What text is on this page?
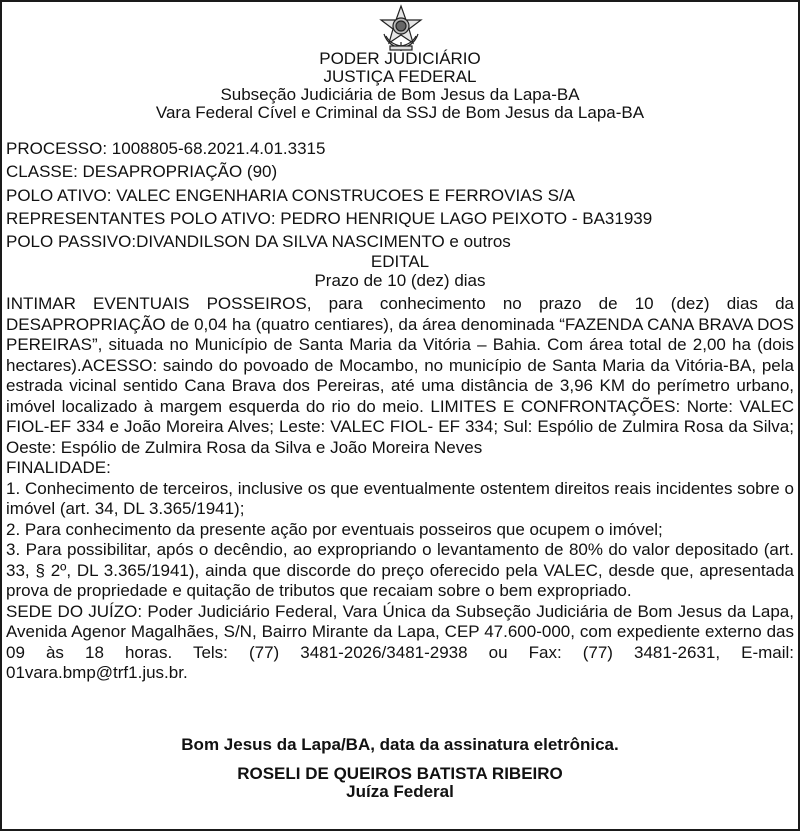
PODER JUDICIÁRIO
JUSTIÇA FEDERAL
Subseção Judiciária de Bom Jesus da Lapa-BA
Vara Federal Cível e Criminal da SSJ de Bom Jesus da Lapa-BA
PROCESSO: 1008805-68.2021.4.01.3315
CLASSE: DESAPROPRIAÇÃO (90)
POLO ATIVO: VALEC ENGENHARIA CONSTRUCOES E FERROVIAS S/A
REPRESENTANTES POLO ATIVO: PEDRO HENRIQUE LAGO PEIXOTO - BA31939
POLO PASSIVO:DIVANDILSON DA SILVA NASCIMENTO e outros
EDITAL
Prazo de 10 (dez) dias

INTIMAR EVENTUAIS POSSEIROS, para conhecimento no prazo de 10 (dez) dias da DESAPROPRIAÇÃO de 0,04 ha (quatro centiares), da área denominada “FAZENDA CANA BRAVA DOS PEREIRAS”, situada no Município de Santa Maria da Vitória – Bahia. Com área total de 2,00 ha (dois hectares).ACESSO: saindo do povoado de Mocambo, no município de Santa Maria da Vitória-BA, pela estrada vicinal sentido Cana Brava dos Pereiras, até uma distância de 3,96 KM do perímetro urbano, imóvel localizado à margem esquerda do rio do meio. LIMITES E CONFRONTAÇÕES: Norte: VALEC FIOL-EF 334 e João Moreira Alves; Leste: VALEC FIOL- EF 334; Sul: Espólio de Zulmira Rosa da Silva; Oeste: Espólio de Zulmira Rosa da Silva e João Moreira Neves

FINALIDADE:

1. Conhecimento de terceiros, inclusive os que eventualmente ostentem direitos reais incidentes sobre o imóvel (art. 34, DL 3.365/1941);

2. Para conhecimento da presente ação por eventuais posseiros que ocupem o imóvel;

3. Para possibilitar, após o decêndio, ao expropriando o levantamento de 80% do valor depositado (art. 33, § 2º, DL 3.365/1941), ainda que discorde do preço oferecido pela VALEC, desde que, apresentada prova de propriedade e quitação de tributos que recaiam sobre o bem expropriado.

SEDE DO JUÍZO: Poder Judiciário Federal, Vara Única da Subseção Judiciária de Bom Jesus da Lapa, Avenida Agenor Magalhães, S/N, Bairro Mirante da Lapa, CEP 47.600-000, com expediente externo das 09 às 18 horas. Tels: (77) 3481-2026/3481-2938 ou Fax: (77) 3481-2631, E-mail: 01vara.bmp@trf1.jus.br.

Bom Jesus da Lapa/BA, data da assinatura eletrônica.
ROSELI DE QUEIROS BATISTA RIBEIRO
Juíza Federal
